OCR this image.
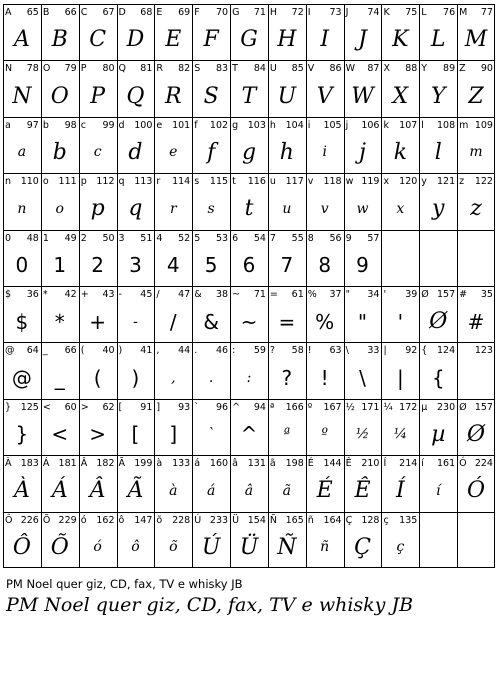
A 65
A
B 66
B
C 67
C
D 68
D
E 69
E
F 70
F
G 71
G
H 72
H
I 73
I
J 74
J
K 75
K
L 76
L
M 77
M
N 78
N
O 79
O
P 80
P
Q 81
Q
R 82
R
S 83
S
T 84
T
U 85
U
V 86
V
W 87
W
X 88
X
Y 89
Y
Z 90
Z
a 97
a
b 98
b
c 99
c
d 100
d
e 101
e
f 102
f
g 103
g
h 104
h
i 105
i
j 106
j
k 107
k
l 108
l
m 109
m
n 110
n
o 111
o
p 112
p
q 113
q
r 114
r
s 115
s
t 116
t
u 117
u
v 118
v
w 119
w
x 120
x
y 121
y
z 122
z
0 48
0
1 49
1
2 50
2
3 51
3
4 52
4
5 53
5
6 54
6
7 55
7
8 56
8
9 57
9
$ 36
$
* 42
*
+ 43
+
- 45
-
/ 47
/
& 38
&
~ 71
~
= 61
=
% 37
%
" 34
"
' 39
'
Ø 157
Ø
# 35
#
@ 64
@
_ 66
_
( 40
(
) 41
)
, 44
,
. 46
.
: 59
:
? 58
?
! 63
!
\ 33
\
| 92
|
{ 124
{
123
} 125
}
< 60
<
> 62
>
[ 91
[
] 93
]
` 96
`
^ 94
^
ª 166
ª
º 167
º
½ 171
½
¼ 172
¼
µ 230
µ
Ø 157
Ø
À 183
À
Á 181
Á
Â 182
Â
Ã 199
Ã
à 133
à
á 160
á
â 131
â
ã 198
ã
É 144
É
Ê 210
Ê
Í 214
Í
í 161
í
Ó 224
Ó
Ô 226
Ô
Õ 229
Õ
ó 162
ó
ô 147
ô
õ 228
õ
Ú 233
Ú
Ü 154
Ü
Ñ 165
Ñ
ñ 164
ñ
Ç 128
Ç
ç 135
ç
PM Noel quer giz, CD, fax, TV e whisky JB
PM Noel quer giz, CD, fax, TV e whisky JB
